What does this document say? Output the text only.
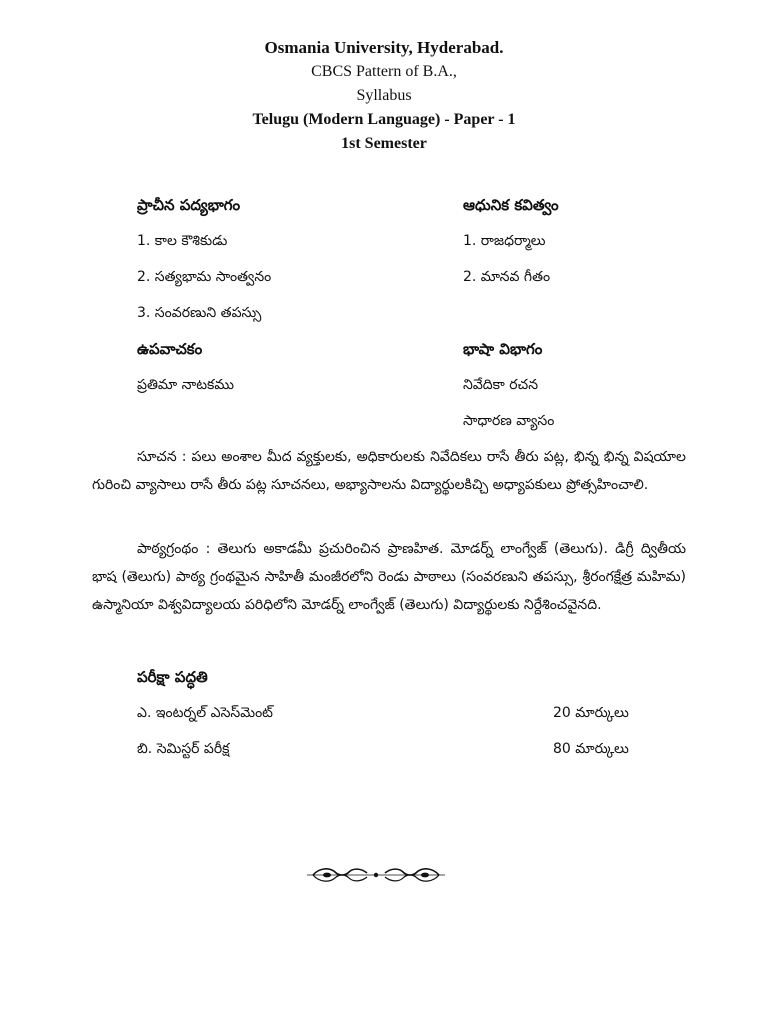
Osmania University, Hyderabad.
CBCS Pattern of B.A.,
Syllabus
Telugu (Modern Language) - Paper - 1
1st Semester
ప్రాచీన పద్యభాగం
1. కాల కౌశికుడు
2. సత్యభామ సాంత్వనం
3. సంవరణుని తపస్సు
ఆధునిక కవిత్వం
1. రాజధర్మాలు
2. మానవ గీతం
ఉపవాచకం
ప్రతిమా నాటకము
భాషా విభాగం
నివేదికా రచన
సాధారణ వ్యాసం
సూచన : పలు అంశాల మీద వ్యక్తులకు, అధికారులకు నివేదికలు రాసే తీరు పట్ల, భిన్న భిన్న విషయాల గురించి వ్యాసాలు రాసే తీరు పట్ల సూచనలు, అభ్యాసాలను విద్యార్థులకిచ్చి అధ్యాపకులు ప్రోత్సహించాలి.
పాఠ్యగ్రంథం : తెలుగు అకాడమీ ప్రచురించిన ప్రాణహిత. మోడర్న్ లాంగ్వేజ్ (తెలుగు). డిగ్రీ ద్వితీయ భాష (తెలుగు) పాఠ్య గ్రంథమైన సాహితీ మంజీరలోని రెండు పాఠాలు (సంవరణుని తపస్సు, శ్రీరంగక్షేత్ర మహిమ) ఉస్మానియా విశ్వవిద్యాలయ పరిధిలోని మోడర్న్ లాంగ్వేజ్ (తెలుగు) విద్యార్థులకు నిర్దేశించవైనది.
పరీక్షా పద్ధతి
ఎ. ఇంటర్నల్ ఎసెస్‌మెంట్	20 మార్కులు
బి. సెమిస్టర్ పరీక్ష	80 మార్కులు
